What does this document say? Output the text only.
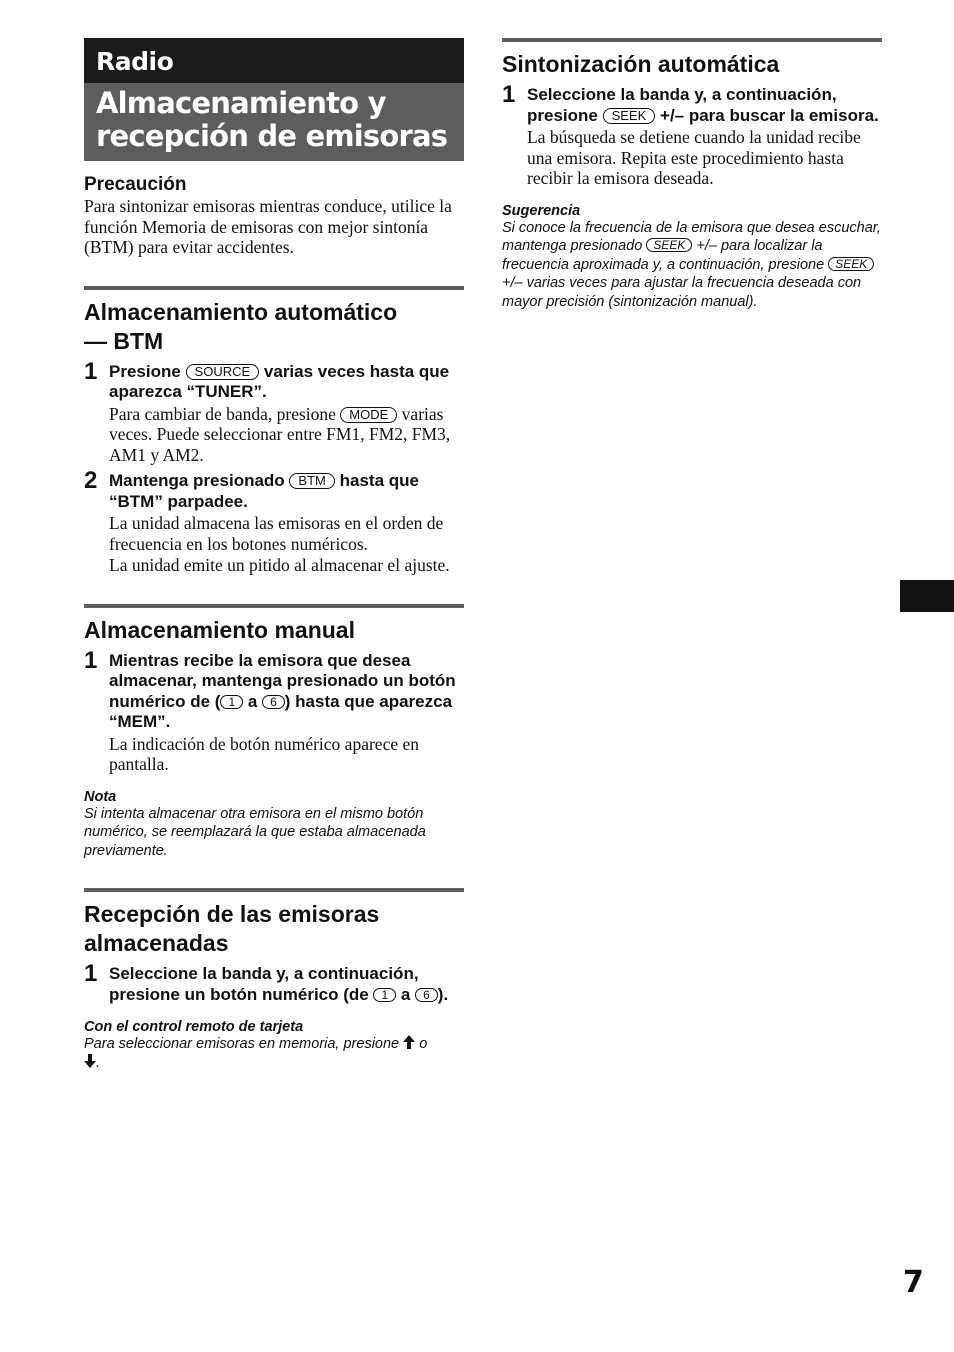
Radio
Almacenamiento y
recepción de emisoras
Precaución
Para sintonizar emisoras mientras conduce, utilice la función Memoria de emisoras con mejor sintonía (BTM) para evitar accidentes.
Almacenamiento automático
— BTM
1 Presione SOURCE varias veces hasta que aparezca “TUNER”.
Para cambiar de banda, presione MODE varias veces. Puede seleccionar entre FM1, FM2, FM3, AM1 y AM2.
2 Mantenga presionado BTM hasta que “BTM” parpadee.
La unidad almacena las emisoras en el orden de frecuencia en los botones numéricos.
La unidad emite un pitido al almacenar el ajuste.
Almacenamiento manual
1 Mientras recibe la emisora que desea almacenar, mantenga presionado un botón numérico de ( 1 a 6 ) hasta que aparezca “MEM”.
La indicación de botón numérico aparece en pantalla.
Nota
Si intenta almacenar otra emisora en el mismo botón numérico, se reemplazará la que estaba almacenada previamente.
Recepción de las emisoras
almacenadas
1 Seleccione la banda y, a continuación, presione un botón numérico (de 1 a 6 ).
Con el control remoto de tarjeta
Para seleccionar emisoras en memoria, presione o
.
Sintonización automática
1 Seleccione la banda y, a continuación, presione SEEK +/– para buscar la emisora.
La búsqueda se detiene cuando la unidad recibe una emisora. Repita este procedimiento hasta recibir la emisora deseada.
Sugerencia
Si conoce la frecuencia de la emisora que desea escuchar, mantenga presionado SEEK +/– para localizar la frecuencia aproximada y, a continuación, presione SEEK +/– varias veces para ajustar la frecuencia deseada con mayor precisión (sintonización manual).
7
